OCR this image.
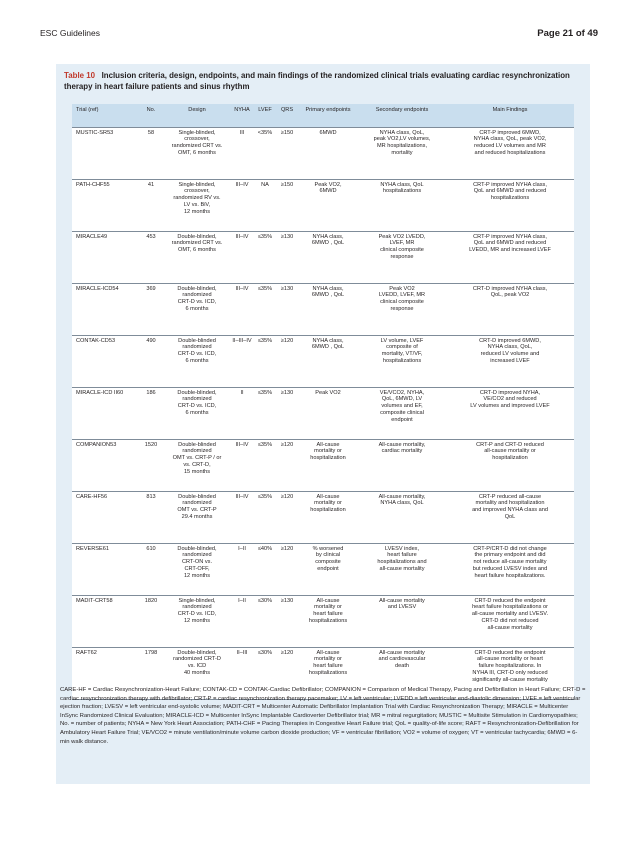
ESC Guidelines	Page 21 of 49
Table 10 Inclusion criteria, design, endpoints, and main findings of the randomized clinical trials evaluating cardiac resynchronization therapy in heart failure patients and sinus rhythm
Trial (ref)	No.	Design	NYHA	LVEF	QRS	Primary endpoints	Secondary endpoints	Main Findings
MUSTIC-SR53	58	Single-blinded,
crossover,
randomized CRT vs.
OMT, 6 months	III	<35%	≥150	6MWD	NYHA class, QoL,
peak VO2,LV volumes,
MR hospitalizations,
mortality	CRT-P improved 6MWD,
NYHA class, QoL, peak VO2,
reduced LV volumes and MR
and reduced hospitalizations

PATH-CHF55	41	Single-blinded,
crossover,
randomized RV vs.
LV vs. BiV,
12 months	III–IV	NA	≥150	Peak VO2,
6MWD	NYHA class, QoL
hospitalizations	CRT-P improved NYHA class,
QoL and 6MWD and reduced
hospitalizations

MIRACLE49	453	Double-blinded,
randomized CRT vs.
OMT, 6 months	III–IV	≤35%	≥130	NYHA class,
6MWD , QoL	Peak VO2 LVEDD,
LVEF, MR
clinical composite
response	CRT-P improved NYHA class,
QoL and 6MWD and reduced
LVEDD, MR and increased LVEF

MIRACLE-ICD54	369	Double-blinded,
randomized
CRT-D vs. ICD,
6 months	III–IV	≤35%	≥130	NYHA class,
6MWD , QoL	Peak VO2
LVEDD, LVEF, MR
clinical composite
response	CRT-D improved NYHA class,
QoL, peak VO2

CONTAK-CD53	490	Double-blinded
randomized
CRT-D vs. ICD,
6 months	II–III–IV	≤35%	≥120	NYHA class,
6MWD , QoL	LV volume, LVEF
composite of
mortality, VT/VF,
hospitalizations	CRT-D improved 6MWD,
NYHA class, QoL,
reduced LV volume and
increased LVEF

MIRACLE-ICD II60	186	Double-blinded,
randomized
CRT-D vs. ICD,
6 months	II	≤35%	≥130	Peak VO2	VE/VCO2, NYHA,
QoL, 6MWD, LV
volumes and EF,
composite clinical
endpoint	CRT-D improved NYHA,
VE/CO2 and reduced
LV volumes and improved LVEF

COMPANION53	1520	Double-blinded
randomized
OMT vs. CRT-P / or
vs. CRT-D,
15 months	III–IV	≤35%	≥120	All-cause
mortality or
hospitalization	All-cause mortality,
cardiac mortality	CRT-P and CRT-D reduced
all-cause mortality or
hospitalization

CARE-HF56	813	Double-blinded
randomized
OMT vs. CRT-P
29.4 months	III–IV	≤35%	≥120	All-cause
mortality or
hospitalization	All-cause mortality,
NYHA class, QoL	CRT-P reduced all-cause
mortality and hospitalization
and improved NYHA class and
QoL

REVERSE61	610	Double-blinded,
randomized
CRT-ON vs.
CRT-OFF,
12 months	I–II	≤40%	≥120	% worsened
by clinical
composite
endpoint	LVESV index,
heart failure
hospitalizations and
all-cause mortality	CRT-P/CRT-D did not change
the primary endpoint and did
not reduce all-cause mortality
but reduced LVESV index and
heart failure hospitalizations.

MADIT-CRT58	1820	Single-blinded,
randomized
CRT-D vs. ICD,
12 months	I–II	≤30%	≥130	All-cause
mortality or
heart failure
hospitalizations	All-cause mortality
and LVESV	CRT-D reduced the endpoint
heart failure hospitalizations or
all-cause mortality and LVESV.
CRT-D did not reduced
all-cause mortality

RAFT62	1798	Double-blinded,
randomized CRT-D
vs. ICD
40 months	II–III	≤30%	≥120	All-cause
mortality or
heart failure
hospitalizations	All-cause mortality
and cardiovascular
death	CRT-D reduced the endpoint
all-cause mortality or heart
failure hospitalizations. In
NYHA III, CRT-D only reduced
significantly all-cause mortality
CARE-HF = Cardiac Resynchronization-Heart Failure; CONTAK-CD = CONTAK-Cardiac Defibrillator; COMPANION = Comparison of Medical Therapy, Pacing and Defibrillation in Heart Failure; CRT-D = cardiac resynchronization therapy with defibrillator; CRT-P = cardiac resynchronization therapy pacemaker; LV = left ventricular; LVEDD = left ventricular end-diastolic dimension; LVEF = left ventricular ejection fraction; LVESV = left ventricular end-systolic volume; MADIT-CRT = Multicenter Automatic Defibrillator Implantation Trial with Cardiac Resynchronization Therapy; MIRACLE = Multicenter InSync Randomized Clinical Evaluation; MIRACLE-ICD = Multicenter InSync Implantable Cardioverter Defibrillator trial; MR = mitral regurgitation; MUSTIC = Multisite Stimulation in Cardiomyopathies; No. = number of patients; NYHA = New York Heart Association; PATH-CHF = Pacing Therapies in Congestive Heart Failure trial; QoL = quality-of-life score; RAFT = Resynchronization-Defibrillation for Ambulatory Heart Failure Trial; VE/VCO2 = minute ventilation/minute volume carbon dioxide production; VF = ventricular fibrillation; VO2 = volume of oxygen; VT = ventricular tachycardia; 6MWD = 6-min walk distance.
